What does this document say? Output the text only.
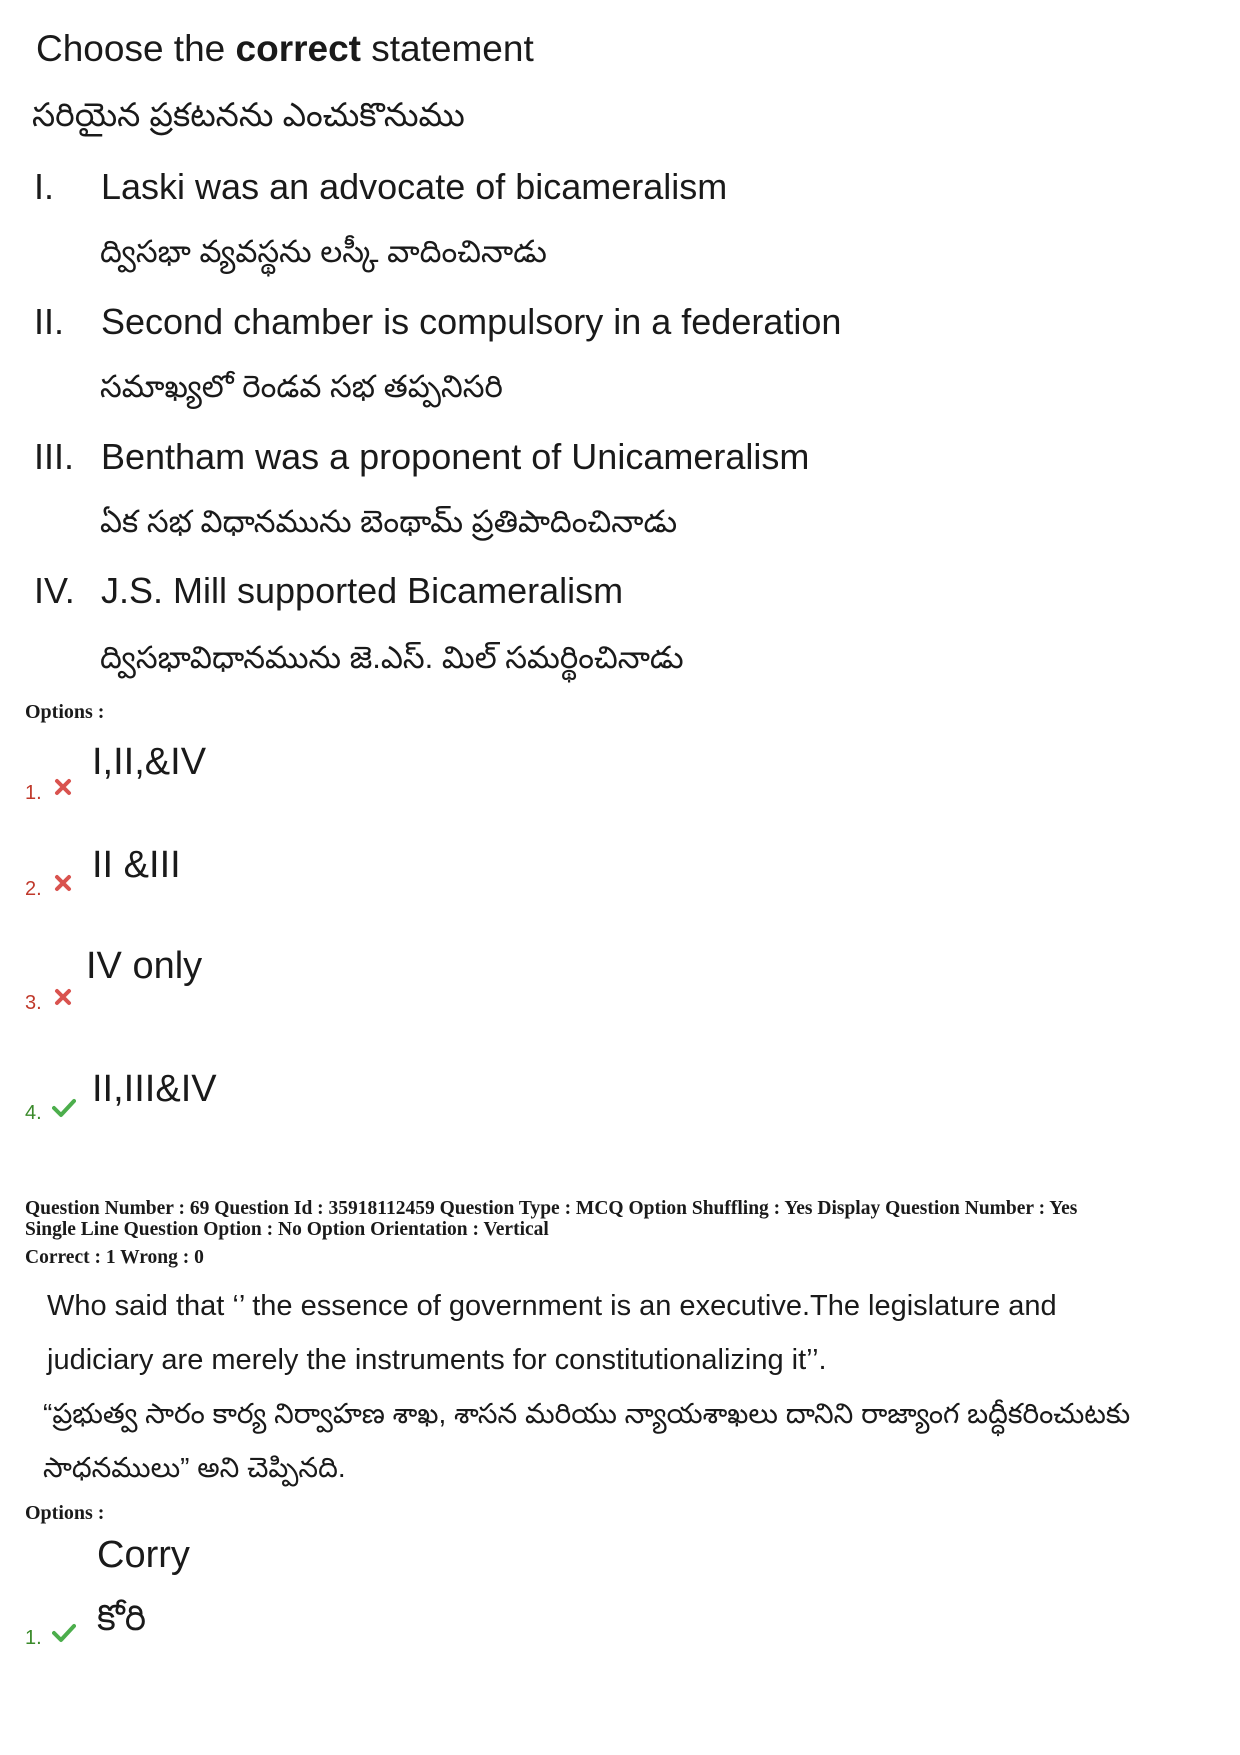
Choose the correct statement
సరియైన ప్రకటనను ఎంచుకొనుము
I. Laski was an advocate of bicameralism
ద్విసభా వ్యవస్థను లస్కీ వాదించినాడు
II. Second chamber is compulsory in a federation
సమాఖ్యలో రెండవ సభ తప్పనిసరి
III. Bentham was a proponent of Unicameralism
ఏక సభ విధానమును బెంథామ్ ప్రతిపాదించినాడు
IV. J.S. Mill supported Bicameralism
ద్విసభావిధానమును జె.ఎస్. మిల్ సమర్థించినాడు
Options :
1.
I,II,&IV
2.
II &III
3.
IV only
4.
II,III&IV
Question Number : 69 Question Id : 35918112459 Question Type : MCQ Option Shuffling : Yes Display Question Number : Yes
Single Line Question Option : No Option Orientation : Vertical
Correct : 1 Wrong : 0
Who said that ‘’ the essence of government is an executive.The legislature and
judiciary are merely the instruments for constitutionalizing it’’.
“ప్రభుత్వ సారం కార్య నిర్వాహణ శాఖ, శాసన మరియు న్యాయశాఖలు దానిని రాజ్యాంగ బద్ధీకరించుటకు
సాధనములు” అని చెప్పినది.
Options :
Corry
కోరి
1.
